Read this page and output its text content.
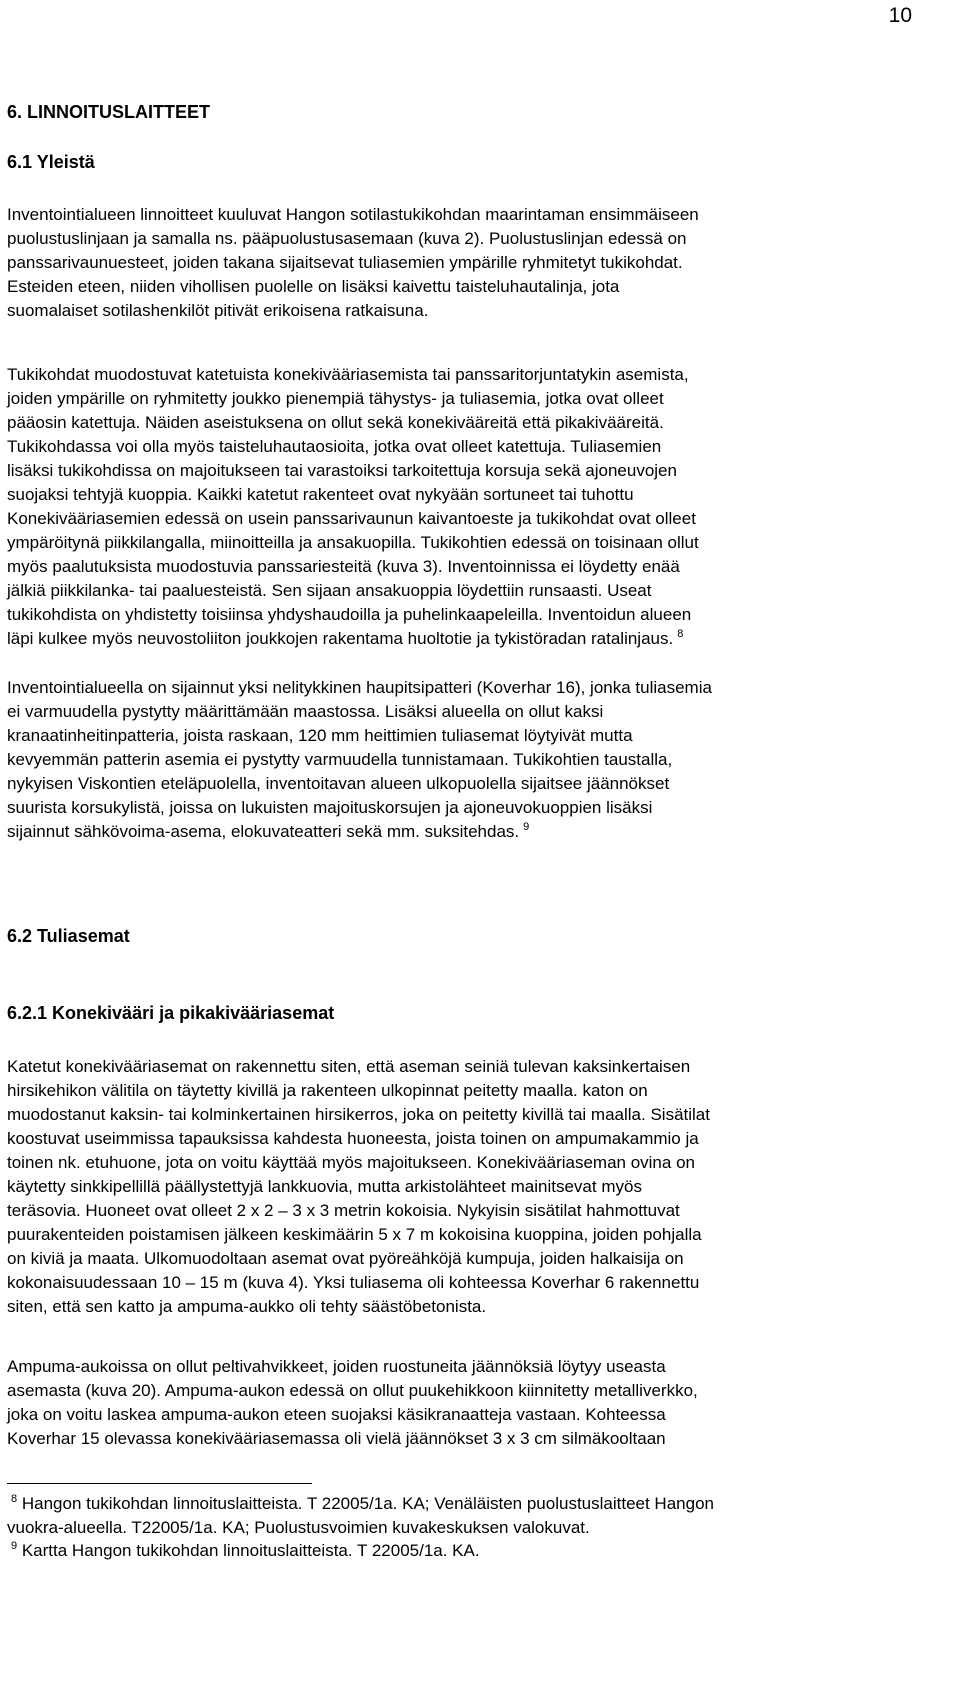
10
6. LINNOITUSLAITTEET
6.1 Yleistä
Inventointialueen linnoitteet kuuluvat Hangon sotilastukikohdan maarintaman ensimmäiseen
puolustuslinjaan ja samalla ns. pääpuolustusasemaan (kuva 2). Puolustuslinjan edessä on
panssarivaunuesteet, joiden takana sijaitsevat tuliasemien ympärille ryhmitetyt tukikohdat.
Esteiden eteen, niiden vihollisen puolelle on lisäksi kaivettu taisteluhautalinja, jota
suomalaiset sotilashenkilöt pitivät erikoisena ratkaisuna.
Tukikohdat muodostuvat katetuista konekivääriasemista tai panssaritorjuntatykin asemista,
joiden ympärille on ryhmitetty joukko pienempiä tähystys- ja tuliasemia, jotka ovat olleet
pääosin katettuja. Näiden aseistuksena on ollut sekä konekivääreitä että pikakivääreitä.
Tukikohdassa voi olla myös taisteluhautaosioita, jotka ovat olleet katettuja. Tuliasemien
lisäksi tukikohdissa on majoitukseen tai varastoiksi tarkoitettuja korsuja sekä ajoneuvojen
suojaksi tehtyjä kuoppia. Kaikki katetut rakenteet ovat nykyään sortuneet tai tuhottu
Konekivääriasemien edessä on usein panssarivaunun kaivantoeste ja tukikohdat ovat olleet
ympäröitynä piikkilangalla, miinoitteilla ja ansakuopilla. Tukikohtien edessä on toisinaan ollut
myös paalutuksista muodostuvia panssariesteitä (kuva 3). Inventoinnissa ei löydetty enää
jälkiä piikkilanka- tai paaluesteistä. Sen sijaan ansakuoppia löydettiin runsaasti. Useat
tukikohdista on yhdistetty toisiinsa yhdyshaudoilla ja puhelinkaapeleilla. Inventoidun alueen
läpi kulkee myös neuvostoliiton joukkojen rakentama huoltotie ja tykistöradan ratalinjaus. $^8$
Inventointialueella on sijainnut yksi nelitykkinen haupitsipatteri (Koverhar 16), jonka tuliasemia
ei varmuudella pystytty määrittämään maastossa. Lisäksi alueella on ollut kaksi
kranaatinheitinpatteria, joista raskaan, 120 mm heittimien tuliasemat löytyivät mutta
kevyemmän patterin asemia ei pystytty varmuudella tunnistamaan. Tukikohtien taustalla,
nykyisen Viskontien eteläpuolella, inventoitavan alueen ulkopuolella sijaitsee jäännökset
suurista korsukylistä, joissa on lukuisten majoituskorsujen ja ajoneuvokuoppien lisäksi
sijainnut sähkövoima-asema, elokuvateatteri sekä mm. suksitehdas. $^9$
6.2 Tuliasemat
6.2.1 Konekivääri ja pikakivääriasemat
Katetut konekivääriasemat on rakennettu siten, että aseman seiniä tulevan kaksinkertaisen
hirsikehikon välitila on täytetty kivillä ja rakenteen ulkopinnat peitetty maalla. katon on
muodostanut kaksin- tai kolminkertainen hirsikerros, joka on peitetty kivillä tai maalla. Sisätilat
koostuvat useimmissa tapauksissa kahdesta huoneesta, joista toinen on ampumakammio ja
toinen nk. etuhuone, jota on voitu käyttää myös majoitukseen. Konekivääriaseman ovina on
käytetty sinkkipellillä päällystettyjä lankkuovia, mutta arkistolähteet mainitsevat myös
teräsovia. Huoneet ovat olleet 2 x 2 – 3 x 3 metrin kokoisia. Nykyisin sisätilat hahmottuvat
puurakenteiden poistamisen jälkeen keskimäärin 5 x 7 m kokoisina kuoppina, joiden pohjalla
on kiviä ja maata. Ulkomuodoltaan asemat ovat pyöreähköjä kumpuja, joiden halkaisija on
kokonaisuudessaan 10 – 15 m (kuva 4). Yksi tuliasema oli kohteessa Koverhar 6 rakennettu
siten, että sen katto ja ampuma-aukko oli tehty säästöbetonista.
Ampuma-aukoissa on ollut peltivahvikkeet, joiden ruostuneita jäännöksiä löytyy useasta
asemasta (kuva 20). Ampuma-aukon edessä on ollut puukehikkoon kiinnitetty metalliverkko,
joka on voitu laskea ampuma-aukon eteen suojaksi käsikranaatteja vastaan. Kohteessa
Koverhar 15 olevassa konekivääriasemassa oli vielä jäännökset 3 x 3 cm silmäkooltaan
$^8$ Hangon tukikohdan linnoituslaitteista. T 22005/1a. KA; Venäläisten puolustuslaitteet Hangon
vuokra-alueella. T22005/1a. KA; Puolustusvoimien kuvakeskuksen valokuvat.
$^9$ Kartta Hangon tukikohdan linnoituslaitteista. T 22005/1a. KA.
